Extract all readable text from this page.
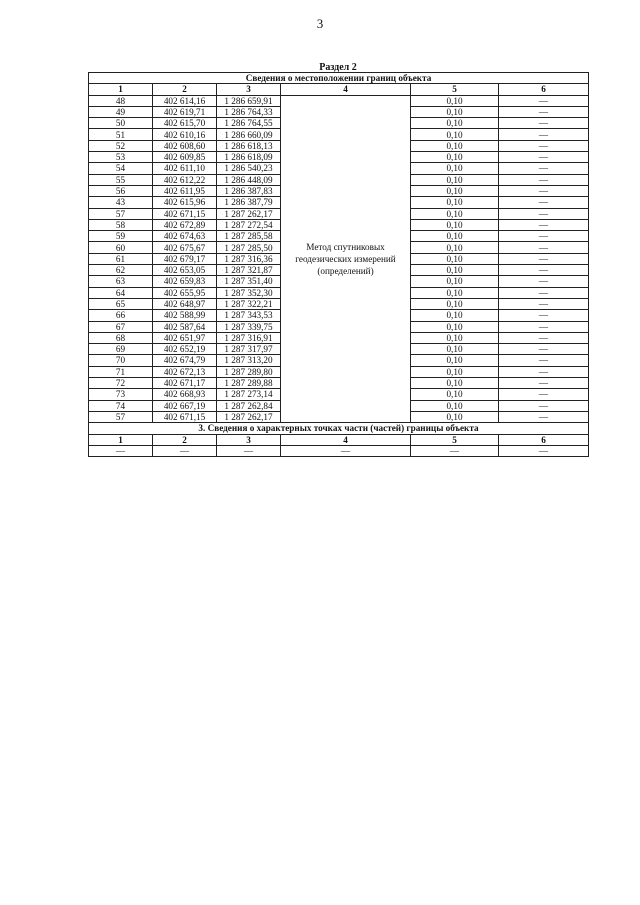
3
Раздел 2
Сведения о местоположении границ объекта					
1	2	3	4	5	6
48	402 614,16	1 286 659,91	Метод спутниковых геодезических измерений (определений)	0,10	—
49	402 619,71	1 286 764,33		0,10	—
50	402 615,70	1 286 764,55		0,10	—
51	402 610,16	1 286 660,09		0,10	—
52	402 608,60	1 286 618,13		0,10	—
53	402 609,85	1 286 618,09		0,10	—
54	402 611,10	1 286 540,23		0,10	—
55	402 612,22	1 286 448,09		0,10	—
56	402 611,95	1 286 387,83		0,10	—
43	402 615,96	1 286 387,79		0,10	—
57	402 671,15	1 287 262,17		0,10	—
58	402 672,89	1 287 272,54		0,10	—
59	402 674,63	1 287 285,58		0,10	—
60	402 675,67	1 287 285,50		0,10	—
61	402 679,17	1 287 316,36		0,10	—
62	402 653,05	1 287 321,87		0,10	—
63	402 659,83	1 287 351,40		0,10	—
64	402 655,95	1 287 352,30		0,10	—
65	402 648,97	1 287 322,21		0,10	—
66	402 588,99	1 287 343,53		0,10	—
67	402 587,64	1 287 339,75		0,10	—
68	402 651,97	1 287 316,91		0,10	—
69	402 652,19	1 287 317,97		0,10	—
70	402 674,79	1 287 313,20		0,10	—
71	402 672,13	1 287 289,80		0,10	—
72	402 671,17	1 287 289,88		0,10	—
73	402 668,93	1 287 273,14		0,10	—
74	402 667,19	1 287 262,84		0,10	—
57	402 671,15	1 287 262,17		0,10	—
3. Сведения о характерных точках части (частей) границы объекта					
1	2	3	4	5	6
—	—	—	—	—	—
